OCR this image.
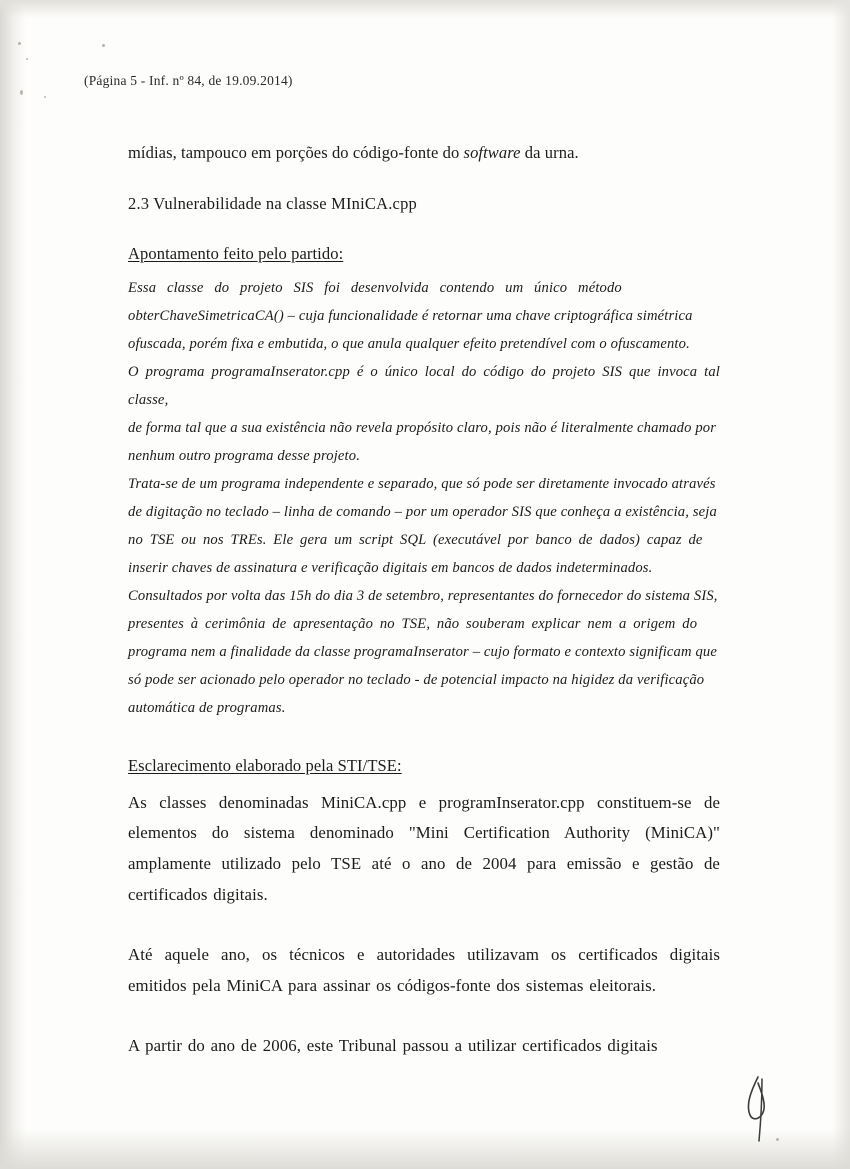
(Página 5 - Inf. nº 84, de 19.09.2014)

mídias, tampouco em porções do código-fonte do software da urna.

2.3 Vulnerabilidade na classe MIniCA.cpp

Apontamento feito pelo partido:

Essa classe do projeto SIS foi desenvolvida contendo um único método

obterChaveSimetricaCA() – cuja funcionalidade é retornar uma chave criptográfica simétrica

ofuscada, porém fixa e embutida, o que anula qualquer efeito pretendível com o ofuscamento.

O programa programaInserator.cpp é o único local do código do projeto SIS que invoca tal classe,

de forma tal que a sua existência não revela propósito claro, pois não é literalmente chamado por

nenhum outro programa desse projeto.

Trata-se de um programa independente e separado, que só pode ser diretamente invocado através

de digitação no teclado – linha de comando – por um operador SIS que conheça a existência, seja

no TSE ou nos TREs. Ele gera um script SQL (executável por banco de dados) capaz de

inserir chaves de assinatura e verificação digitais em bancos de dados indeterminados.

Consultados por volta das 15h do dia 3 de setembro, representantes do fornecedor do sistema SIS,

presentes à cerimônia de apresentação no TSE, não souberam explicar nem a origem do

programa nem a finalidade da classe programaInserator – cujo formato e contexto significam que

só pode ser acionado pelo operador no teclado - de potencial impacto na higidez da verificação

automática de programas.

Esclarecimento elaborado pela STI/TSE:

As classes denominadas MiniCA.cpp e programInserator.cpp constituem-se de elementos do sistema denominado "Mini Certification Authority (MiniCA)" amplamente utilizado pelo TSE até o ano de 2004 para emissão e gestão de certificados digitais.

Até aquele ano, os técnicos e autoridades utilizavam os certificados digitais emitidos pela MiniCA para assinar os códigos-fonte dos sistemas eleitorais.

A partir do ano de 2006, este Tribunal passou a utilizar certificados digitais
